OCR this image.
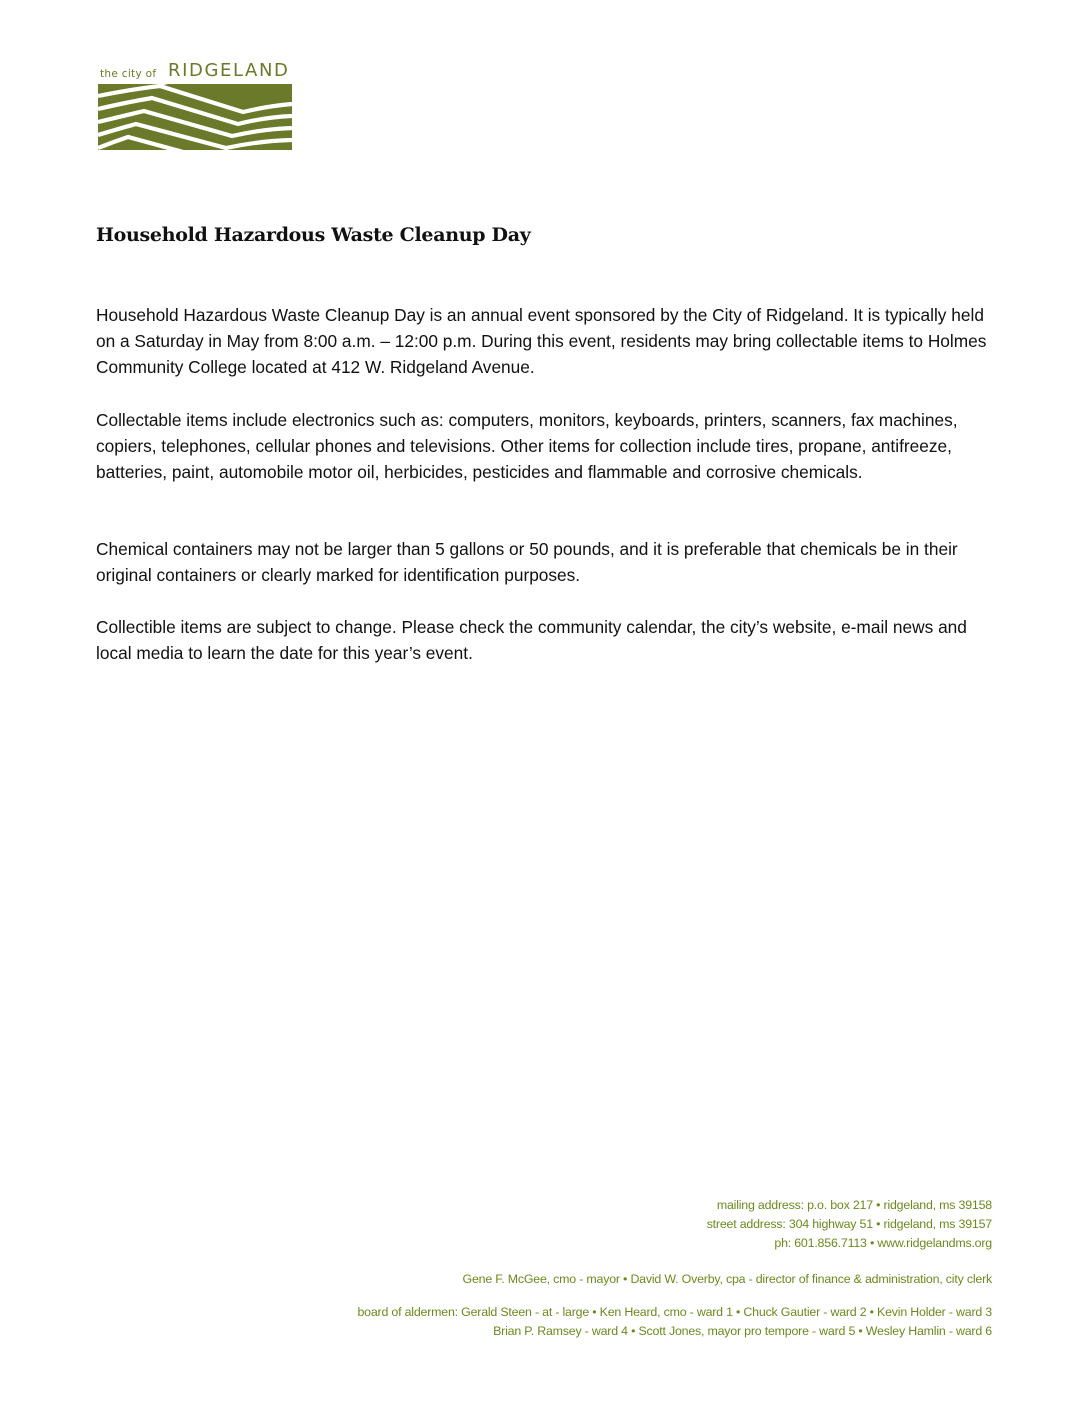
the city of RIDGELAND
Household Hazardous Waste Cleanup Day

Household Hazardous Waste Cleanup Day is an annual event sponsored by the City of Ridgeland. It is typically held on a Saturday in May from 8:00 a.m. – 12:00 p.m. During this event, residents may bring collectable items to Holmes Community College located at 412 W. Ridgeland Avenue.

Collectable items include electronics such as: computers, monitors, keyboards, printers, scanners, fax machines, copiers, telephones, cellular phones and televisions. Other items for collection include tires, propane, antifreeze, batteries, paint, automobile motor oil, herbicides, pesticides and flammable and corrosive chemicals.

Chemical containers may not be larger than 5 gallons or 50 pounds, and it is preferable that chemicals be in their original containers or clearly marked for identification purposes.

Collectible items are subject to change. Please check the community calendar, the city’s website, e-mail news and local media to learn the date for this year’s event.

mailing address: p.o. box 217 • ridgeland, ms 39158
street address: 304 highway 51 • ridgeland, ms 39157
ph: 601.856.7113 • www.ridgelandms.org
Gene F. McGee, cmo - mayor • David W. Overby, cpa - director of finance & administration, city clerk
board of aldermen: Gerald Steen - at - large • Ken Heard, cmo - ward 1 • Chuck Gautier - ward 2 • Kevin Holder - ward 3
Brian P. Ramsey - ward 4 • Scott Jones, mayor pro tempore - ward 5 • Wesley Hamlin - ward 6
